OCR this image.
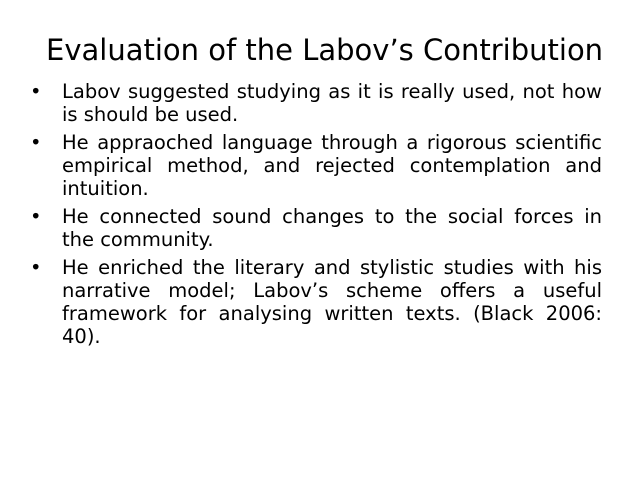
Evaluation of the Labov’s Contribution
•	Labov suggested studying as it is really used, not how is should be used.
•	He appraoched language through a rigorous scientific empirical method, and rejected contemplation and intuition.
•	He connected sound changes to the social forces in the community.
•	He enriched the literary and stylistic studies with his narrative model; Labov’s scheme offers a useful framework for analysing written texts. (Black 2006: 40).
